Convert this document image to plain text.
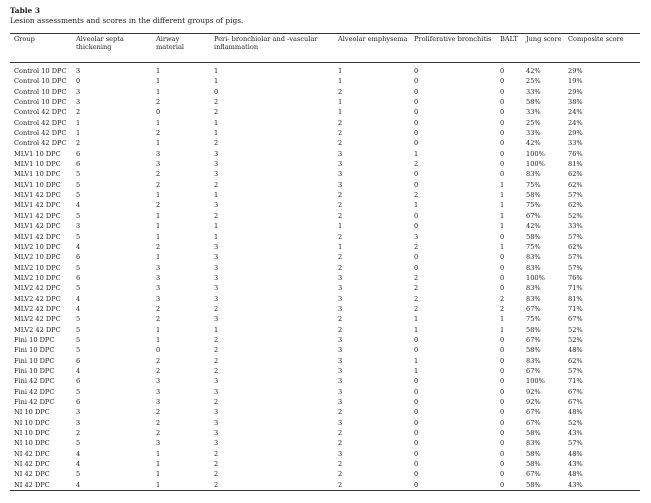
Table 3
Lesion assessments and scores in the different groups of pigs.
Group	Alveolar septa thickening	Airway material	Peri- bronchiolar and -vascular inflammation	Alveolar emphysema	Proliferative bronchitis	BALT	Jung score	Composite score

Control 10 DPC	3	1	1	1	0	0	42%	29%
Control 10 DPC	0	1	1	1	0	0	25%	19%
Control 10 DPC	3	1	0	2	0	0	33%	29%
Control 10 DPC	3	2	2	1	0	0	58%	38%
Control 42 DPC	2	0	2	1	0	0	33%	24%
Control 42 DPC	1	1	1	2	0	0	25%	24%
Control 42 DPC	1	2	1	2	0	0	33%	29%
Control 42 DPC	2	1	2	2	0	0	42%	33%
MLV1 10 DPC	6	3	3	3	1	0	100%	76%
MLV1 10 DPC	6	3	3	3	2	0	100%	81%
MLV1 10 DPC	5	2	3	3	0	0	83%	62%
MLV1 10 DPC	5	2	2	3	0	1	75%	62%
MLV1 42 DPC	5	1	1	2	2	1	58%	57%
MLV1 42 DPC	4	2	3	2	1	1	75%	62%
MLV1 42 DPC	5	1	2	2	0	1	67%	52%
MLV1 42 DPC	3	1	1	1	0	1	42%	33%
MLV1 42 DPC	5	1	1	2	3	0	58%	57%
MLV2 10 DPC	4	2	3	1	2	1	75%	62%
MLV2 10 DPC	6	1	3	2	0	0	83%	57%
MLV2 10 DPC	5	3	3	2	0	0	83%	57%
MLV2 10 DPC	6	3	3	3	2	0	100%	76%
MLV2 42 DPC	5	3	3	3	2	0	83%	71%
MLV2 42 DPC	4	3	3	3	2	2	83%	81%
MLV2 42 DPC	4	2	2	3	2	2	67%	71%
MLV2 42 DPC	5	2	3	2	1	1	75%	67%
MLV2 42 DPC	5	1	1	2	1	1	58%	52%
Fini 10 DPC	5	1	2	3	0	0	67%	52%
Fini 10 DPC	5	0	2	3	0	0	58%	48%
Fini 10 DPC	6	2	2	3	1	0	83%	62%
Fini 10 DPC	4	2	2	3	1	0	67%	57%
Fini 42 DPC	6	3	3	3	0	0	100%	71%
Fini 42 DPC	5	3	3	3	0	0	92%	67%
Fini 42 DPC	6	3	2	3	0	0	92%	67%
NI 10 DPC	3	2	3	2	0	0	67%	48%
NI 10 DPC	3	2	3	3	0	0	67%	52%
NI 10 DPC	2	2	3	2	0	0	58%	43%
NI 10 DPC	5	3	3	2	0	0	83%	57%
NI 42 DPC	4	1	2	3	0	0	58%	48%
NI 42 DPC	4	1	2	2	0	0	58%	43%
NI 42 DPC	5	1	2	2	0	0	67%	48%
NI 42 DPC	4	1	2	2	0	0	58%	43%
